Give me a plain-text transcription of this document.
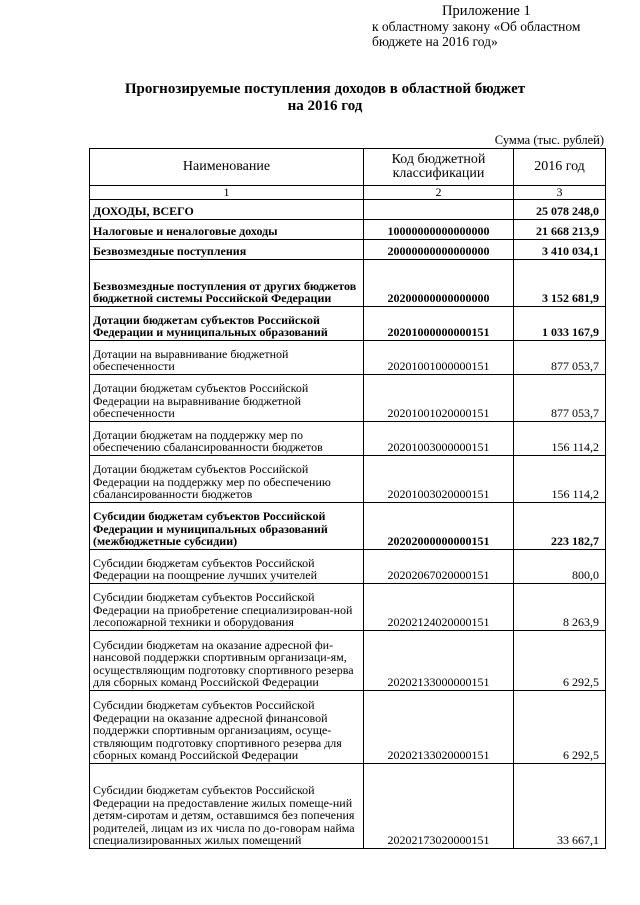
Приложение 1
к областному закону «Об областном
бюджете на 2016 год»
Прогнозируемые поступления доходов в областной бюджет
на 2016 год
Сумма (тыс. рублей)
Наименование	Код бюджетной классификации	2016 год
1	2	3
ДОХОДЫ, ВСЕГО		25 078 248,0
Налоговые и неналоговые доходы	10000000000000000	21 668 213,9
Безвозмездные поступления	20000000000000000	3 410 034,1
Безвозмездные поступления от других бюджетов бюджетной системы Российской Федерации	20200000000000000	3 152 681,9
Дотации бюджетам субъектов Российской Федерации и муниципальных образований	20201000000000151	1 033 167,9
Дотации на выравнивание бюджетной обеспеченности	20201001000000151	877 053,7
Дотации бюджетам субъектов Российской Федерации на выравнивание бюджетной обеспеченности	20201001020000151	877 053,7
Дотации бюджетам на поддержку мер по обеспечению сбалансированности бюджетов	20201003000000151	156 114,2
Дотации бюджетам субъектов Российской Федерации на поддержку мер по обеспечению сбалансированности бюджетов	20201003020000151	156 114,2
Субсидии бюджетам субъектов Российской Федерации и муниципальных образований (межбюджетные субсидии)	20202000000000151	223 182,7
Субсидии бюджетам субъектов Российской Федерации на поощрение лучших учителей	20202067020000151	800,0
Субсидии бюджетам субъектов Российской Федерации на приобретение специализирован-ной лесопожарной техники и оборудования	20202124020000151	8 263,9
Субсидии бюджетам на оказание адресной фи-нансовой поддержки спортивным организаци-ям, осуществляющим подготовку спортивного резерва для сборных команд Российской Федерации	20202133000000151	6 292,5
Субсидии бюджетам субъектов Российской Федерации на оказание адресной финансовой поддержки спортивным организациям, осуще-ствляющим подготовку спортивного резерва для сборных команд Российской Федерации	20202133020000151	6 292,5
Субсидии бюджетам субъектов Российской Федерации на предоставление жилых помеще-ний детям-сиротам и детям, оставшимся без попечения родителей, лицам из их числа по до-говорам найма специализированных жилых помещений	20202173020000151	33 667,1
